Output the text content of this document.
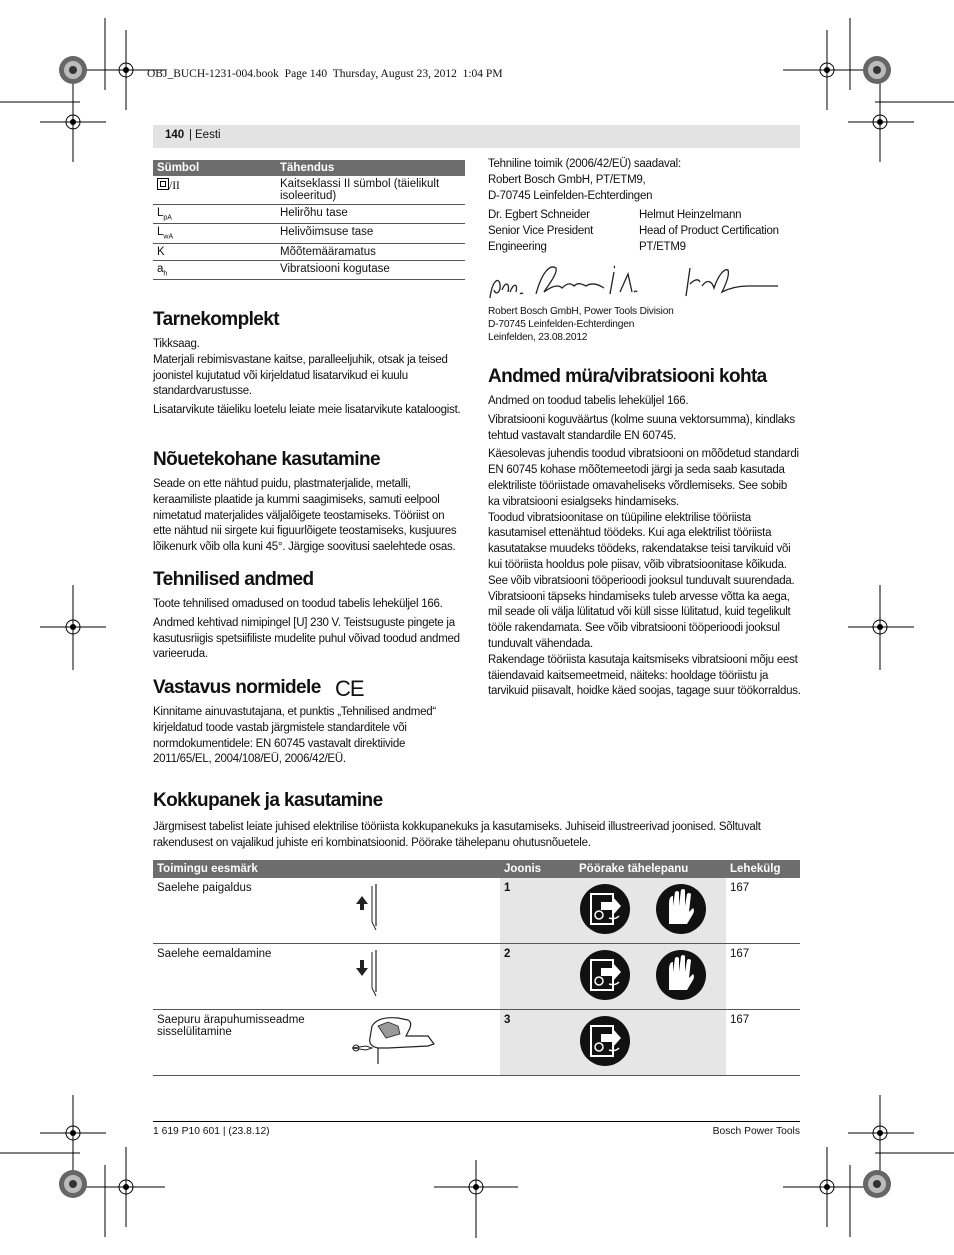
OBJ_BUCH-1231-004.book  Page 140  Thursday, August 23, 2012  1:04 PM
140 | Eesti
Sümbol	Tähendus

/II	Kaitseklassi II sümbol (täielikult isoleeritud)
$L_{pA}$	Helirõhu tase
$L_{wA}$	Helivõimsuse tase
K	Mõõtemääramatus
$a_h$	Vibratsiooni kogutase
Tarnekomplekt
Tikksaag.
Materjali rebimisvastane kaitse, paralleeljuhik, otsak ja teised joonistel kujutatud või kirjeldatud lisatarvikud ei kuulu standardvarustusse.
Lisatarvikute täieliku loetelu leiate meie lisatarvikute kataloogist.
Nõuetekohane kasutamine
Seade on ette nähtud puidu, plastmaterjalide, metalli, keraamiliste plaatide ja kummi saagimiseks, samuti eelpool nimetatud materjalides väljalõigete teostamiseks. Tööriist on ette nähtud nii sirgete kui figuurlõigete teostamiseks, kusjuures lõikenurk võib olla kuni 45°. Järgige soovitusi saelehtede osas.
Tehnilised andmed
Toote tehnilised omadused on toodud tabelis leheküljel 166.
Andmed kehtivad nimipingel [U] 230 V. Teistsuguste pingete ja kasutusriigis spetsiifiliste mudelite puhul võivad toodud andmed varieeruda.
Vastavus normidele CE
Kinnitame ainuvastutajana, et punktis „Tehnilised andmed“ kirjeldatud toode vastab järgmistele standarditele või normdokumentidele: EN 60745 vastavalt direktiivide 2011/65/EL, 2004/108/EÜ, 2006/42/EÜ.
Tehniline toimik (2006/42/EÜ) saadaval:
Robert Bosch GmbH, PT/ETM9,
D-70745 Leinfelden-Echterdingen
Dr. Egbert Schneider
Senior Vice President
Engineering
Helmut Heinzelmann
Head of Product Certification
PT/ETM9
Robert Bosch GmbH, Power Tools Division
D-70745 Leinfelden-Echterdingen
Leinfelden, 23.08.2012
Andmed müra/vibratsiooni kohta
Andmed on toodud tabelis leheküljel 166.
Vibratsiooni koguväärtus (kolme suuna vektorsumma), kindlaks tehtud vastavalt standardile EN 60745.
Käesolevas juhendis toodud vibratsiooni on mõõdetud standardi EN 60745 kohase mõõtemeetodi järgi ja seda saab kasutada elektriliste tööriistade omavaheliseks võrdlemiseks. See sobib ka vibratsiooni esialgseks hindamiseks.
Toodud vibratsioonitase on tüüpiline elektrilise tööriista kasutamisel ettenähtud töödeks. Kui aga elektrilist tööriista kasutatakse muudeks töödeks, rakendatakse teisi tarvikuid või kui tööriista hooldus pole piisav, võib vibratsioonitase kõikuda. See võib vibratsiooni tööperioodi jooksul tunduvalt suurendada.
Vibratsiooni täpseks hindamiseks tuleb arvesse võtta ka aega, mil seade oli välja lülitatud või küll sisse lülitatud, kuid tegelikult tööle rakendamata. See võib vibratsiooni tööperioodi jooksul tunduvalt vähendada.
Rakendage tööriista kasutaja kaitsmiseks vibratsiooni mõju eest täiendavaid kaitsemeetmeid, näiteks: hooldage tööriistu ja tarvikuid piisavalt, hoidke käed soojas, tagage suur töökorraldus.
Kokkupanek ja kasutamine
Järgmisest tabelist leiate juhised elektrilise tööriista kokkupanekuks ja kasutamiseks. Juhiseid illustreerivad joonised. Sõltuvalt rakendusest on vajalikud juhiste eri kombinatsioonid. Pöörake tähelepanu ohutusnõuetele.
Toimingu eesmärk	Joonis	Pöörake tähelepanu	Lehekülg
Saelehe paigaldus	1		167
Saelehe eemaldamine	2		167

Saepuru ärapuhumisseadme sisselülitamine	3		167
1 619 P10 601 | (23.8.12)	Bosch Power Tools
